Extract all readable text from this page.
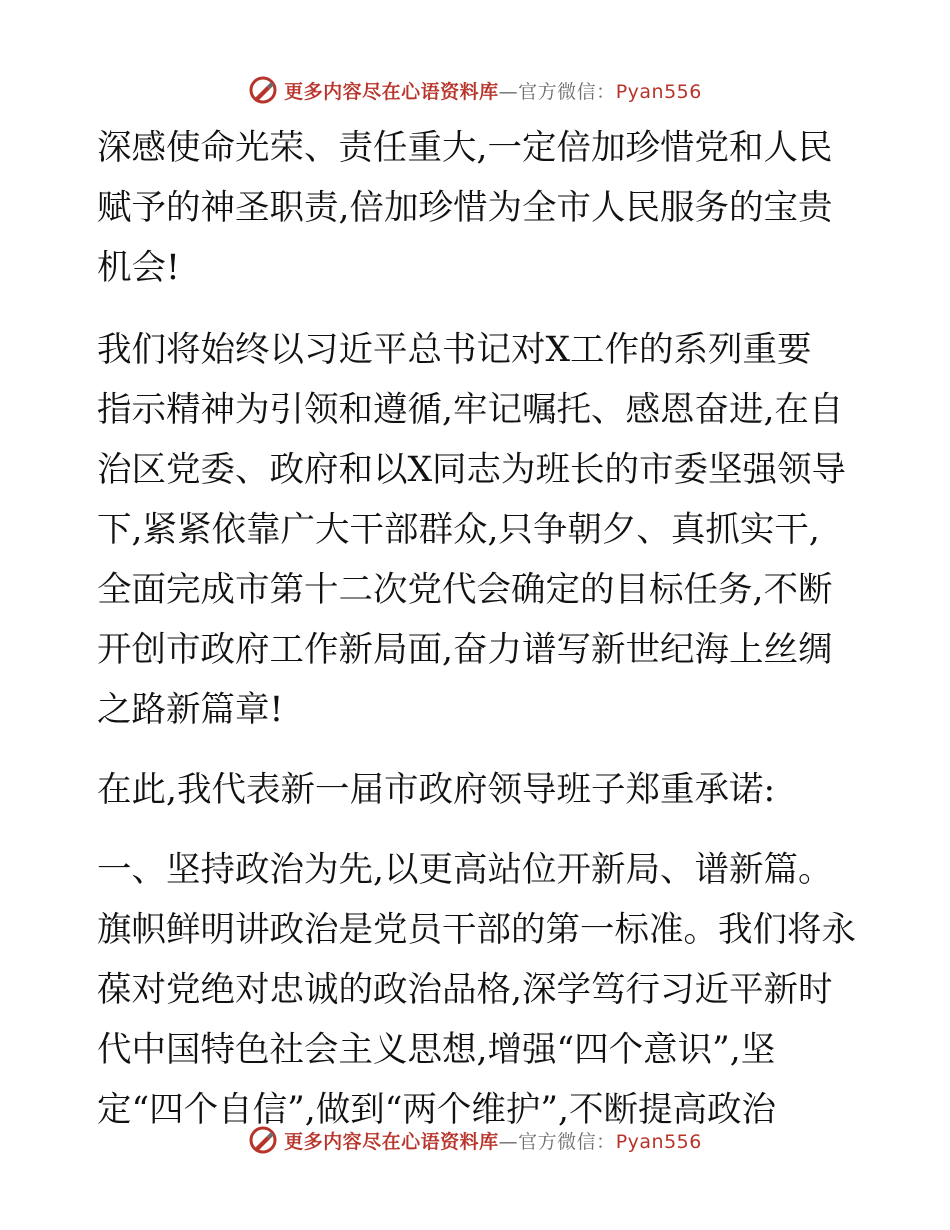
更多内容尽在心语资料库—官方微信：Pyan556
深感使命光荣、责任重大,一定倍加珍惜党和人民
赋予的神圣职责,倍加珍惜为全市人民服务的宝贵
机会!
我们将始终以习近平总书记对X工作的系列重要
指示精神为引领和遵循,牢记嘱托、感恩奋进,在自
治区党委、政府和以X同志为班长的市委坚强领导
下,紧紧依靠广大干部群众,只争朝夕、真抓实干,
全面完成市第十二次党代会确定的目标任务,不断
开创市政府工作新局面,奋力谱写新世纪海上丝绸
之路新篇章!
在此,我代表新一届市政府领导班子郑重承诺:
一、坚持政治为先,以更高站位开新局、谱新篇。
旗帜鲜明讲政治是党员干部的第一标准。我们将永
葆对党绝对忠诚的政治品格,深学笃行习近平新时
代中国特色社会主义思想,增强“四个意识”,坚
定“四个自信”,做到“两个维护”,不断提高政治
更多内容尽在心语资料库—官方微信：Pyan556
